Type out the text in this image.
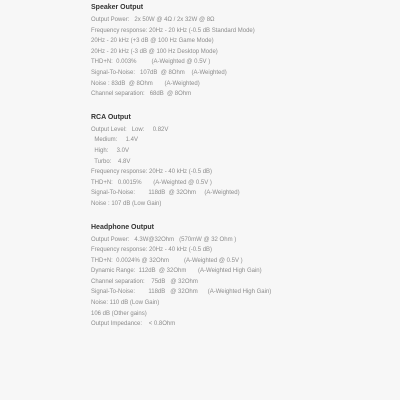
Speaker Output
Output Power:   2x 50W @ 4Ω / 2x 32W @ 8Ω
Frequency response: 20Hz - 20 kHz (-0.5 dB Standard Mode)
20Hz - 20 kHz (+3 dB @ 100 Hz Game Mode)
20Hz - 20 kHz (-3 dB @ 100 Hz Desktop Mode)
THD+N:  0.003%         (A-Weighted @ 0.5V )
Signal-To-Noise:   107dB  @ 8Ohm    (A-Weighted)
Noise : 83dB  @ 8Ohm       (A-Weighted)
Channel separation:   68dB  @ 8Ohm
RCA Output
Output Level:   Low:     0.82V
Medium:     1.4V
High:     3.0V
Turbo:    4.8V
Frequency response: 20Hz - 40 kHz (-0.5 dB)
THD+N:   0.0015%       (A-Weighted @ 0.5V )
Signal-To-Noise:        118dB  @ 32Ohm     (A-Weighted)
Noise : 107 dB (Low Gain)
Headphone Output
Output Power:   4.3W@32Ohm   (570mW @ 32 Ohm )
Frequency response: 20Hz - 40 kHz (-0.5 dB)
THD+N:  0.0024% @ 32Ohm         (A-Weighted @ 0.5V )
Dynamic Range:  112dB  @ 32Ohm       (A-Weighted High Gain)
Channel separation:    75dB   @ 32Ohm
Signal-To-Noise:        118dB   @ 32Ohm      (A-Weighted High Gain)
Noise: 110 dB (Low Gain)
106 dB (Other gains)
Output Impedance:    < 0.8Ohm
